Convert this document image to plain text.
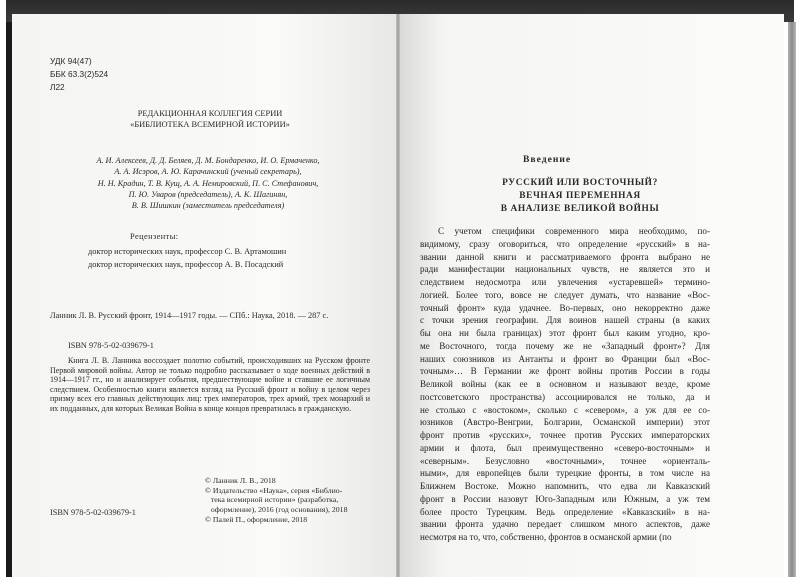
УДК 94(47)
ББК 63.3(2)524
Л22
РЕДАКЦИОННАЯ КОЛЛЕГИЯ СЕРИИ
«БИБЛИОТЕКА ВСЕМИРНОЙ ИСТОРИИ»
А. И. Алексеев, Д. Д. Беляев, Д. М. Бондаренко, И. О. Ермаченко,
А. А. Исэров, А. Ю. Карачинский (ученый секретарь),
Н. Н. Крадин, Т. В. Кущ, А. А. Немировский, П. С. Стефанович,
П. Ю. Уваров (председатель), А. К. Шагинян,
В. В. Шишкин (заместитель председателя)
Рецензенты:
доктор исторических наук, профессор С. В. Артамошин
доктор исторических наук, профессор А. В. Посадский
Ланник Л. В. Русский фронт, 1914—1917 годы. — СПб.: Наука, 2018. — 287 с.
ISBN 978-5-02-039679-1
Книга Л. В. Ланника воссоздает полотно событий, происходивших на Русском фронте Первой мировой войны. Автор не только подробно рассказывает о ходе военных действий в 1914—1917 гг., но и анализирует события, предшествующие войне и ставшие ее логичным следствием. Особенностью книги является взгляд на Русский фронт и войну в целом через призму всех его главных действующих лиц: трех императоров, трех армий, трех монархий и их подданных, для которых Великая Война в конце концов превратилась в гражданскую.
© Ланник Л. В., 2018
© Издательство «Наука», серия «Библио-
тека всемирной истории» (разработка,
оформление), 2016 (год основания), 2018
© Палей П., оформление, 2018
ISBN 978-5-02-039679-1
Введение
РУССКИЙ ИЛИ ВОСТОЧНЫЙ?
ВЕЧНАЯ ПЕРЕМЕННАЯ
В АНАЛИЗЕ ВЕЛИКОЙ ВОЙНЫ
С учетом специфики современного мира необходимо, по-
видимому, сразу оговориться, что определение «русский» в на-
звании данной книги и рассматриваемого фронта выбрано не
ради манифестации национальных чувств, не является это и
следствием недосмотра или увлечения «устаревшей» термино-
логией. Более того, вовсе не следует думать, что название «Вос-
точный фронт» куда удачнее. Во-первых, оно некорректно даже
с точки зрения географии. Для воинов нашей страны (в каких
бы она ни была границах) этот фронт был каким угодно, кро-
ме Восточного, тогда почему же не «Западный фронт»? Для
наших союзников из Антанты и фронт во Франции был «Вос-
точным»… В Германии же фронт войны против России в годы
Великой войны (как ее в основном и называют везде, кроме
постсоветского пространства) ассоциировался не только, да и
не столько с «востоком», сколько с «севером», а уж для ее со-
юзников (Австро-Венгрии, Болгарии, Османской империи) этот
фронт против «русских», точнее против Русских императорских
армии и флота, был преимущественно «северо-восточным» и
«северным». Безусловно «восточными», точнее «ориенталь-
ными», для европейцев были турецкие фронты, в том числе на
Ближнем Востоке. Можно напомнить, что едва ли Кавказский
фронт в России назовут Юго-Западным или Южным, а уж тем
более просто Турецким. Ведь определение «Кавказский» в на-
звании фронта удачно передает слишком много аспектов, даже
несмотря на то, что, собственно, фронтов в османской армии (по
